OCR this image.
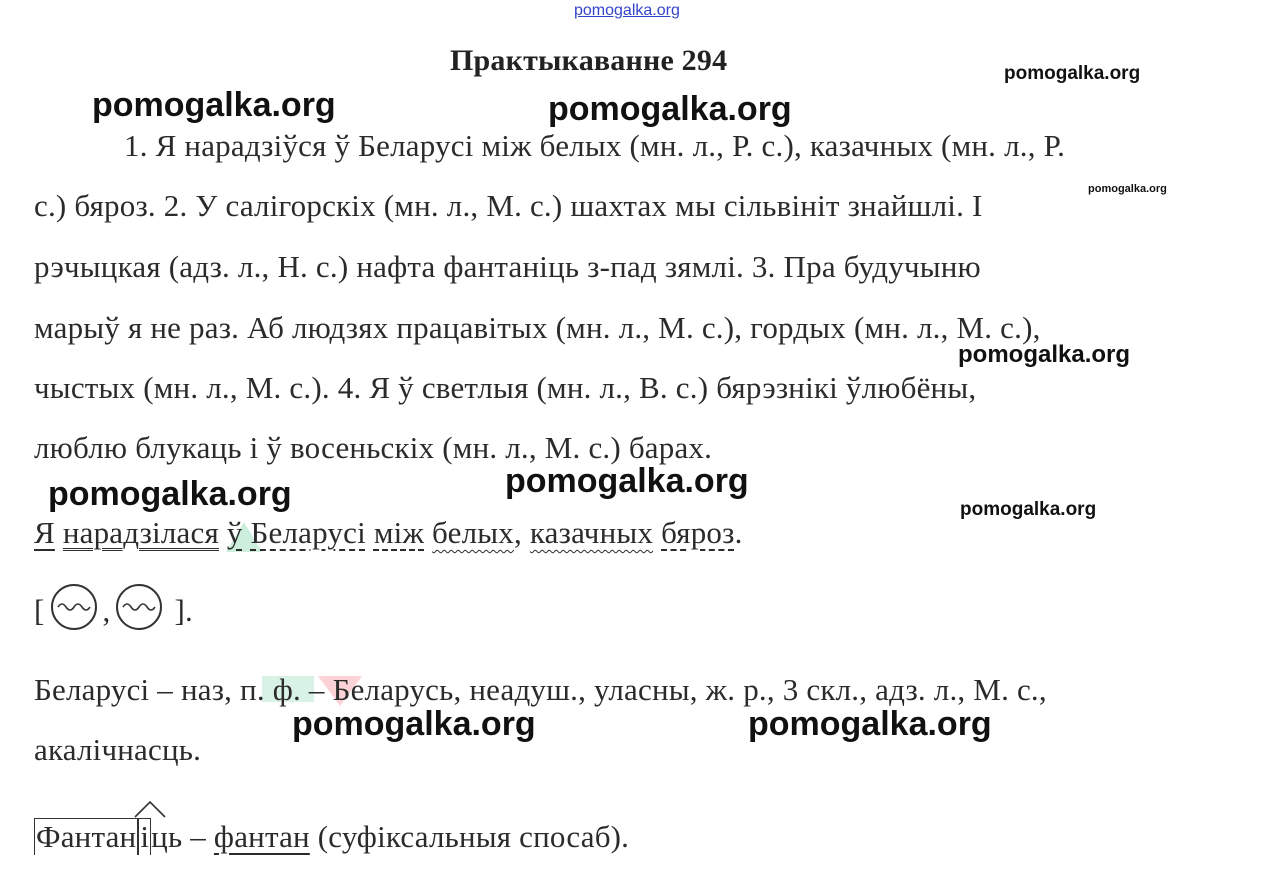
pomogalka.org
Практыкаванне 294
1. Я нарадзіўся ў Беларусі між белых (мн. л., Р. с.), казачных (мн. л., Р.
с.) бяроз. 2. У салігорскіх (мн. л., М. с.) шахтах мы сільвініт знайшлі. І
рэчыцкая (адз. л., Н. с.) нафта фантаніць з-пад зямлі. 3. Пра будучыню
марыў я не раз. Аб людзях працавітых (мн. л., М. с.), гордых (мн. л., М. с.),
чыстых (мн. л., М. с.). 4. Я ў светлыя (мн. л., В. с.) бярэзнікі ўлюбёны,
люблю блукаць і ў восеньскіх (мн. л., М. с.) барах.
Я нарадзілася ў Беларусі між белых, казачных бяроз.
[ , ].
Беларусі – наз, п. ф. – Беларусь, неадуш., уласны, ж. р., 3 скл., адз. л., М. с.,
акалічнасць.
Фантан і ць – фантан (суфіксальныя спосаб).
pomogalka.org
pomogalka.org	pomogalka.org
pomogalka.org
pomogalka.org
pomogalka.org	pomogalka.org
pomogalka.org
pomogalka.org	pomogalka.org
